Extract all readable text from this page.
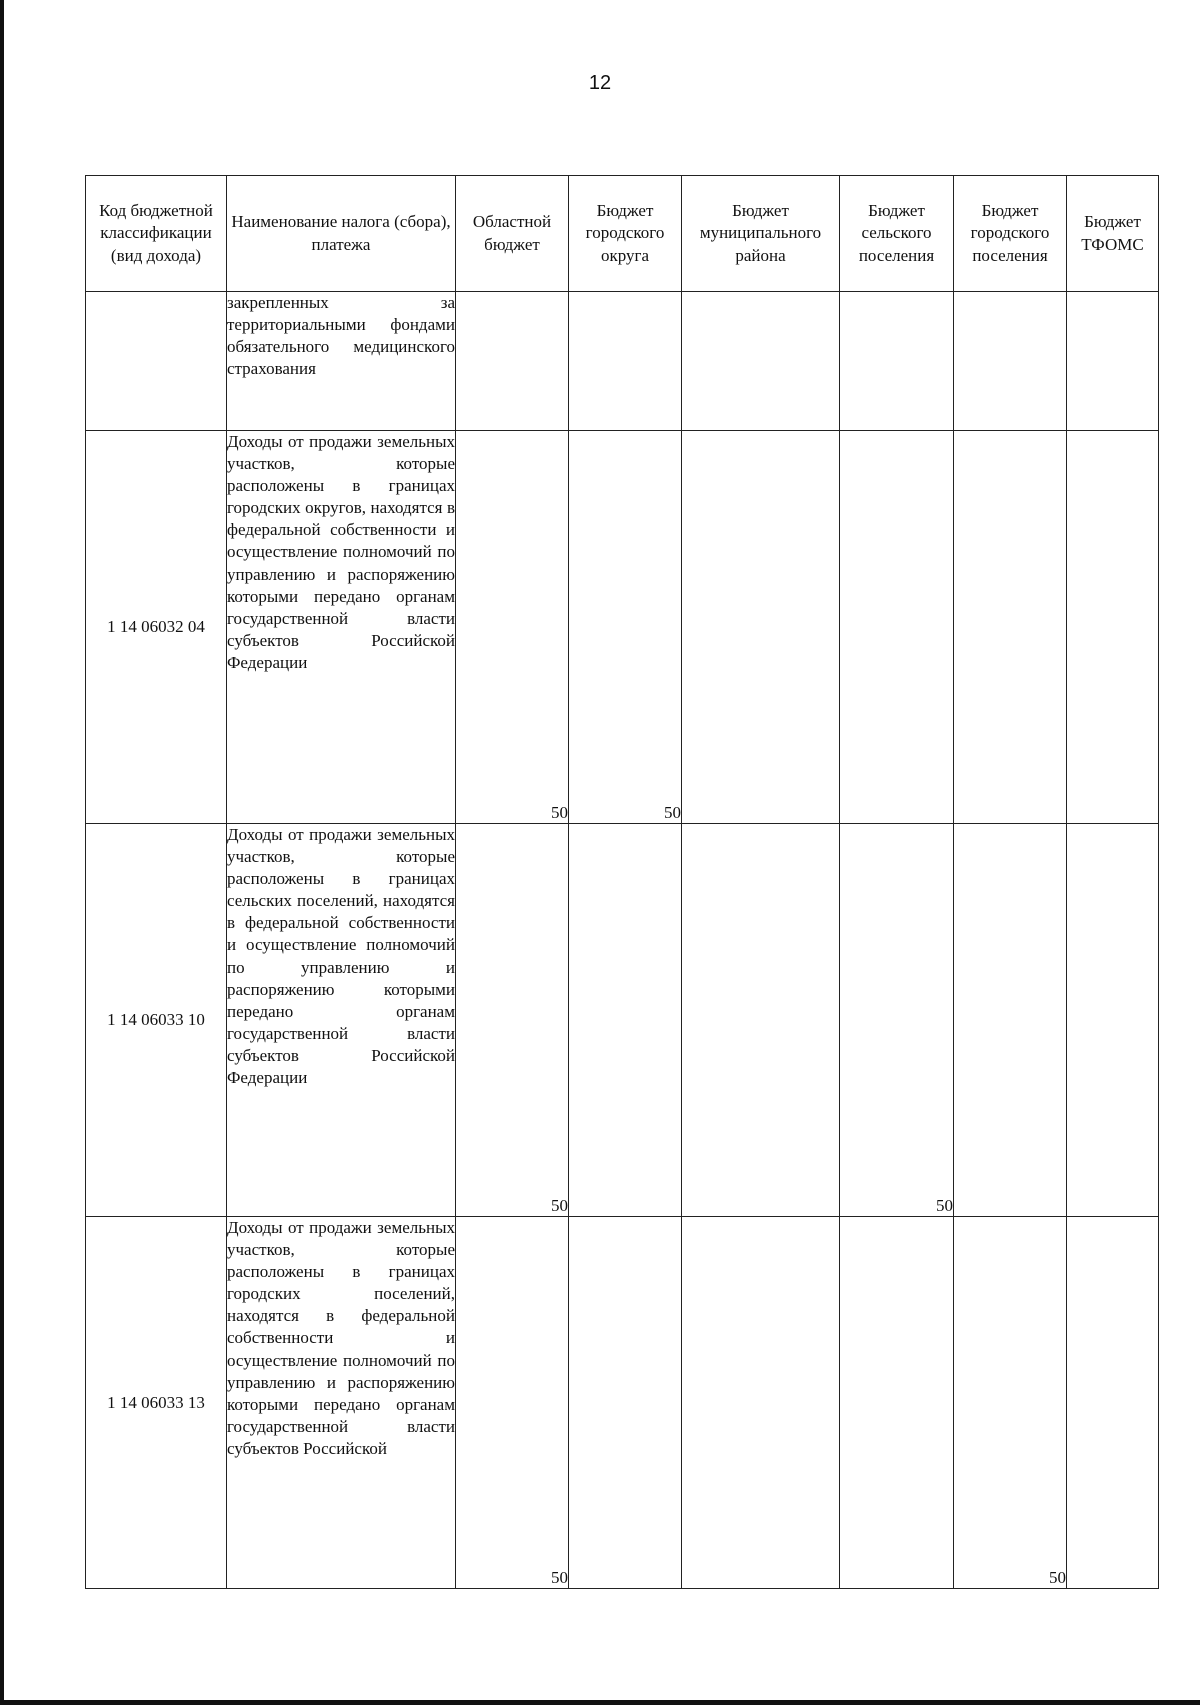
12
Код бюджетной классификации (вид дохода)	Наименование налога (сбора), платежа	Областной бюджет	Бюджет городского округа	Бюджет муниципального района	Бюджет сельского поселения	Бюджет городского поселения	Бюджет ТФОМС

	закрепленных за территориальными фондами обязательного медицинского страхования						

1 14 06032 04	Доходы от продажи земельных участков, которые расположены в границах городских округов, находятся в федеральной собственности и осуществление полномочий по управлению и распоряжению которыми передано органам государственной власти субъектов Российской Федерации	50	50				
1 14 06033 10	Доходы от продажи земельных участков, которые расположены в границах сельских поселений, находятся в федеральной собственности и осуществление полномочий по управлению и распоряжению которыми передано органам государственной власти субъектов Российской Федерации	50			50		
1 14 06033 13	Доходы от продажи земельных участков, которые расположены в границах городских поселений, находятся в федеральной собственности и осуществление полномочий по управлению и распоряжению которыми передано органам государственной власти субъектов Российской	50				50	
